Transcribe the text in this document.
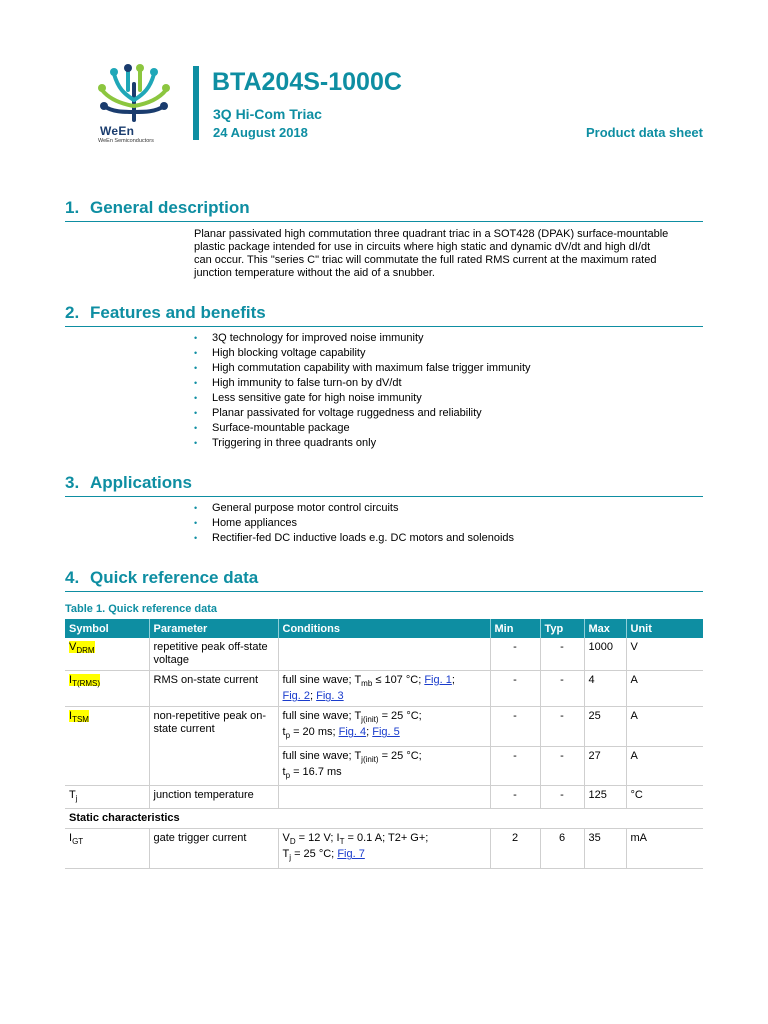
WeEn
WeEn Semiconductors
BTA204S-1000C
3Q Hi-Com Triac
24 August 2018	Product data sheet
1. General description
Planar passivated high commutation three quadrant triac in a SOT428 (DPAK) surface-mountable
plastic package intended for use in circuits where high static and dynamic dV/dt and high dI/dt
can occur. This "series C" triac will commutate the full rated RMS current at the maximum rated
junction temperature without the aid of a snubber.
2. Features and benefits
• 3Q technology for improved noise immunity
• High blocking voltage capability
• High commutation capability with maximum false trigger immunity
• High immunity to false turn-on by dV/dt
• Less sensitive gate for high noise immunity
• Planar passivated for voltage ruggedness and reliability
• Surface-mountable package
• Triggering in three quadrants only
3. Applications
• General purpose motor control circuits
• Home appliances
• Rectifier-fed DC inductive loads e.g. DC motors and solenoids
4. Quick reference data
Table 1. Quick reference data
Symbol	Parameter	Conditions	Min	Typ	Max	Unit
$V_{DRM}$	repetitive peak off-state voltage		-	-	1000	V
$I_{T(RMS)}$	RMS on-state current	full sine wave; $T_{mb} \le 107$ °C; Fig. 1;
Fig. 2; Fig. 3	-	-	4	A
$I_{TSM}$	non-repetitive peak on-state current	full sine wave; $T_{j(init)} = 25$ °C;
$t_p = 20$ ms; Fig. 4; Fig. 5	-	-	25	A
		full sine wave; $T_{j(init)} = 25$ °C;
$t_p = 16.7$ ms	-	-	27	A
$T_j$	junction temperature		-	-	125	°C
Static characteristics						
$I_{GT}$	gate trigger current	$V_D = 12$ V; $I_T = 0.1$ A; T2+ G+;
$T_j = 25$ °C; Fig. 7	2	6	35	mA
